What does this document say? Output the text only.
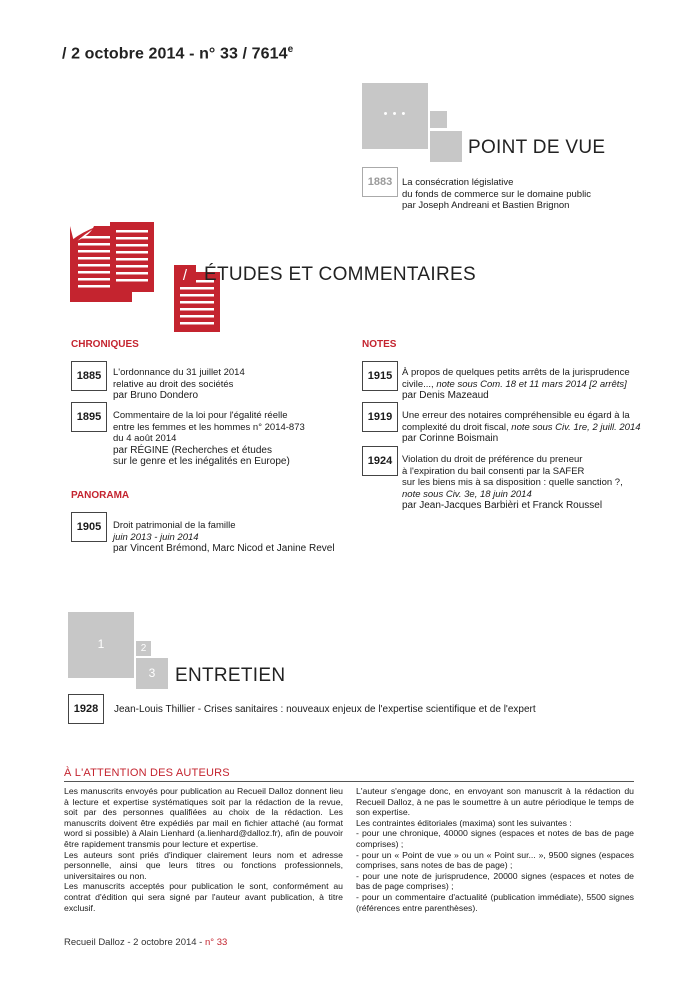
/ 2 octobre 2014 - n° 33 / 7614e
• • •
POINT DE VUE
1883	La consécration législative
du fonds de commerce sur le domaine public
par Joseph Andreani et Bastien Brignon
/ ÉTUDES ET COMMENTAIRES
CHRONIQUES
1885	L'ordonnance du 31 juillet 2014
relative au droit des sociétés
par Bruno Dondero
1895	Commentaire de la loi pour l'égalité réelle
entre les femmes et les hommes n° 2014-873
du 4 août 2014
par RÉGINE (Recherches et études
sur le genre et les inégalités en Europe)
PANORAMA
1905	Droit patrimonial de la famille
juin 2013 - juin 2014
par Vincent Brémond, Marc Nicod et Janine Revel
NOTES
1915	À propos de quelques petits arrêts de la jurisprudence
civile..., note sous Com. 18 et 11 mars 2014 [2 arrêts]
par Denis Mazeaud
1919	Une erreur des notaires compréhensible eu égard à la
complexité du droit fiscal, note sous Civ. 1re, 2 juill. 2014
par Corinne Boismain
1924	Violation du droit de préférence du preneur
à l'expiration du bail consenti par la SAFER
sur les biens mis à sa disposition : quelle sanction ?,
note sous Civ. 3e, 18 juin 2014
par Jean-Jacques Barbièri et Franck Roussel
1	2
3	ENTRETIEN
1928	Jean-Louis Thillier - Crises sanitaires : nouveaux enjeux de l'expertise scientifique et de l'expert
À L'ATTENTION DES AUTEURS

Les manuscrits envoyés pour publication au Recueil Dalloz donnent lieu à lecture et expertise systématiques soit par la rédaction de la revue, soit par des personnes qualifiées au choix de la rédaction. Les manuscrits doivent être expédiés par mail en fichier attaché (au format word si possible) à Alain Lienhard (a.lienhard@dalloz.fr), afin de pouvoir être rapidement transmis pour lecture et expertise.

Les auteurs sont priés d'indiquer clairement leurs nom et adresse personnelle, ainsi que leurs titres ou fonctions professionnels, universitaires ou non.

Les manuscrits acceptés pour publication le sont, conformément au contrat d'édition qui sera signé par l'auteur avant publication, à titre exclusif.

L'auteur s'engage donc, en envoyant son manuscrit à la rédaction du Recueil Dalloz, à ne pas le soumettre à un autre périodique le temps de son expertise.

Les contraintes éditoriales (maxima) sont les suivantes :

- pour une chronique, 40000 signes (espaces et notes de bas de page comprises) ;

- pour un « Point de vue » ou un « Point sur... », 9500 signes (espaces comprises, sans notes de bas de page) ;

- pour une note de jurisprudence, 20000 signes (espaces et notes de bas de page comprises) ;

- pour un commentaire d'actualité (publication immédiate), 5500 signes (références entre parenthèses).

Recueil Dalloz - 2 octobre 2014 - n° 33
